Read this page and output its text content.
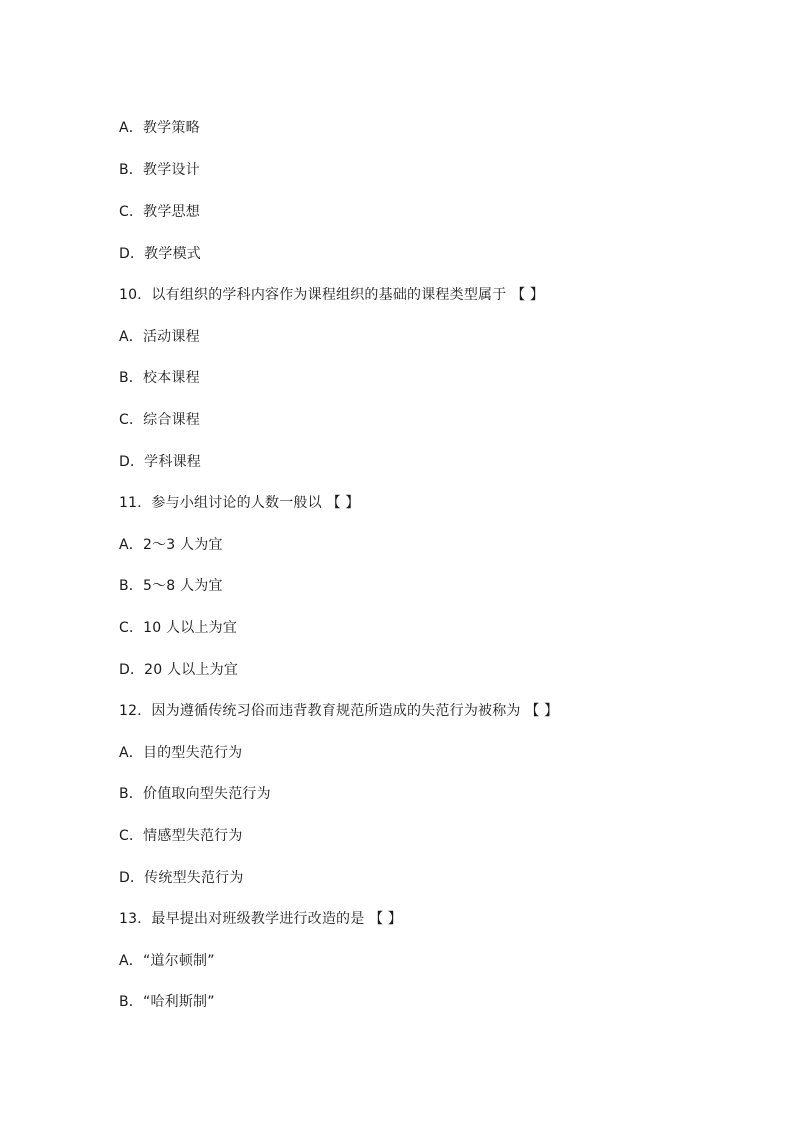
A．教学策略
B．教学设计
C．教学思想
D．教学模式
10．以有组织的学科内容作为课程组织的基础的课程类型属于 【 】
A．活动课程
B．校本课程
C．综合课程
D．学科课程
11．参与小组讨论的人数一般以 【 】
A．2～3 人为宜
B．5～8 人为宜
C．10 人以上为宜
D．20 人以上为宜
12．因为遵循传统习俗而违背教育规范所造成的失范行为被称为 【 】
A．目的型失范行为
B．价值取向型失范行为
C．情感型失范行为
D．传统型失范行为
13．最早提出对班级教学进行改造的是 【 】
A．“道尔顿制”
B．“哈利斯制”
